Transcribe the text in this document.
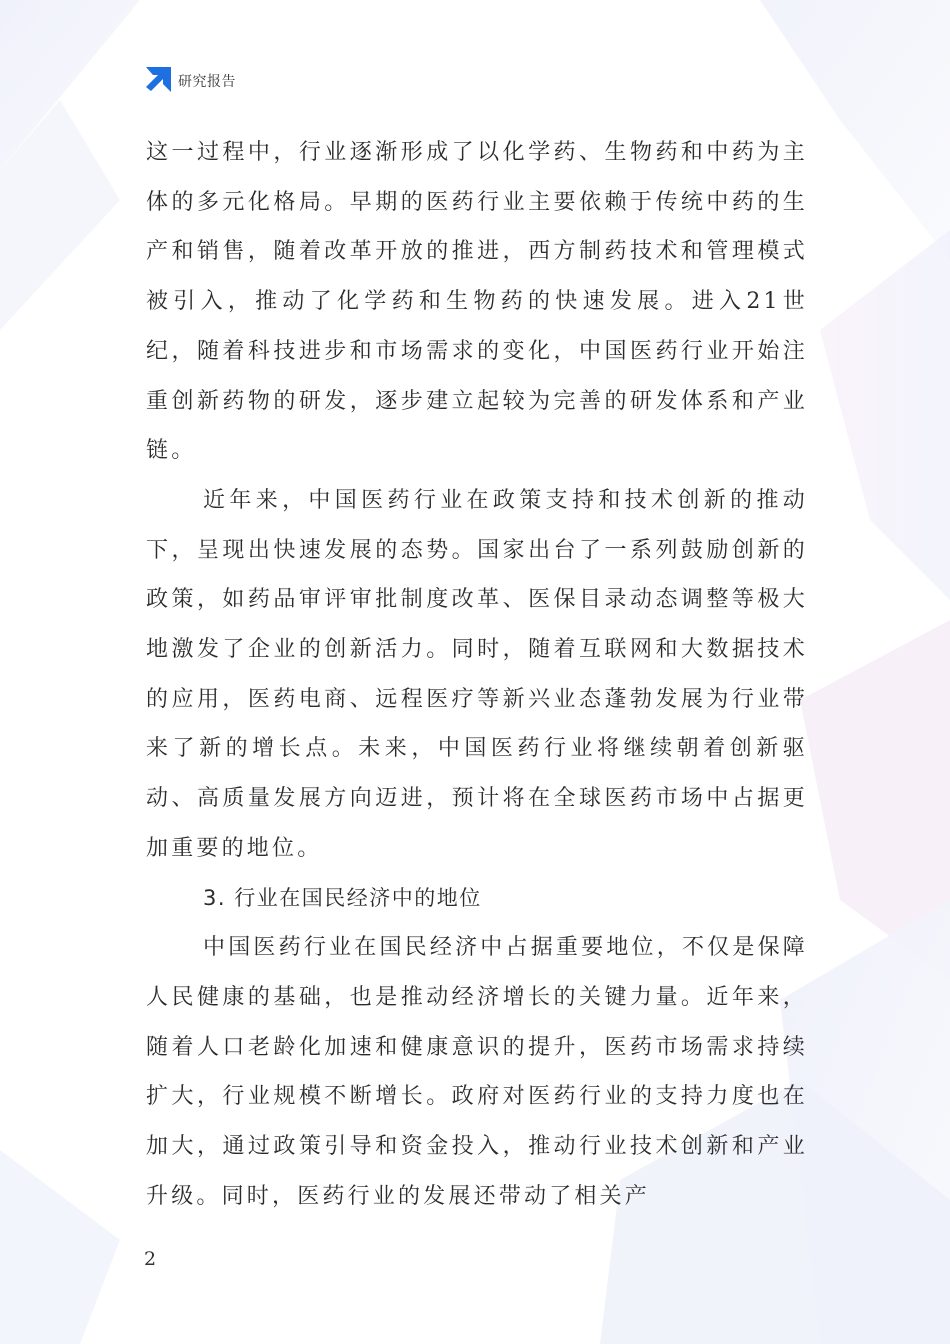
研究报告

这一过程中，行业逐渐形成了以化学药、生物药和中药为主体的多元化格局。早期的医药行业主要依赖于传统中药的生产和销售，随着改革开放的推进，西方制药技术和管理模式被引入，推动了化学药和生物药的快速发展。进入21世纪，随着科技进步和市场需求的变化，中国医药行业开始注重创新药物的研发，逐步建立起较为完善的研发体系和产业链。

近年来，中国医药行业在政策支持和技术创新的推动下，呈现出快速发展的态势。国家出台了一系列鼓励创新的政策，如药品审评审批制度改革、医保目录动态调整等极大地激发了企业的创新活力。同时，随着互联网和大数据技术的应用，医药电商、远程医疗等新兴业态蓬勃发展为行业带来了新的增长点。未来，中国医药行业将继续朝着创新驱动、高质量发展方向迈进，预计将在全球医药市场中占据更加重要的地位。

3. 行业在国民经济中的地位

中国医药行业在国民经济中占据重要地位，不仅是保障人民健康的基础，也是推动经济增长的关键力量。近年来，随着人口老龄化加速和健康意识的提升，医药市场需求持续扩大，行业规模不断增长。政府对医药行业的支持力度也在加大，通过政策引导和资金投入，推动行业技术创新和产业升级。同时，医药行业的发展还带动了相关产

2
